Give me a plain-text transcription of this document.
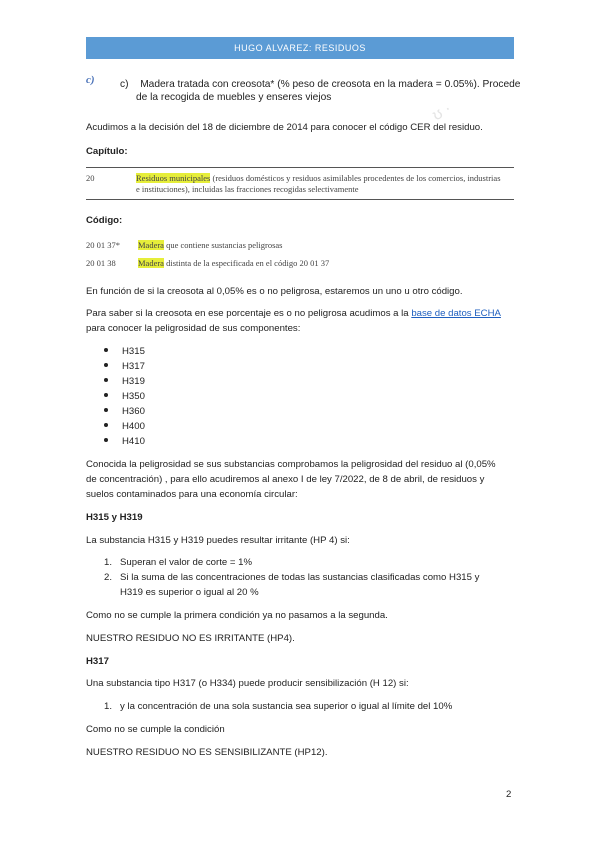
HUGO ALVAREZ: RESIDUOS
c) c) Madera tratada con creosota* (% peso de creosota en la madera = 0.05%). Procede
de la recogida de muebles y enseres viejos
ʊ ·
Acudimos a la decisión del 18 de diciembre de 2014 para conocer el código CER del residuo.
Capítulo:
20	Residuos municipales (residuos domésticos y residuos asimilables procedentes de los comercios, industrias
e instituciones), incluidas las fracciones recogidas selectivamente
Código:
20 01 37* Madera que contiene sustancias peligrosas
20 01 38	Madera distinta de la especificada en el código 20 01 37
En función de si la creosota al 0,05% es o no peligrosa, estaremos un uno u otro código.
Para saber si la creosota en ese porcentaje es o no peligrosa acudimos a la base de datos ECHA
para conocer la peligrosidad de sus componentes:
H315
H317
H319
H350
H360
H400
H410
Conocida la peligrosidad se sus substancias comprobamos la peligrosidad del residuo al (0,05%
de concentración) , para ello acudiremos al anexo I de ley 7/2022, de 8 de abril, de residuos y
suelos contaminados para una economía circular:
H315 y H319
La substancia H315 y H319 puedes resultar irritante (HP 4) si:
1. Superan el valor de corte = 1%
2. Si la suma de las concentraciones de todas las sustancias clasificadas como H315 y
H319 es superior o igual al 20 %
Como no se cumple la primera condición ya no pasamos a la segunda.
NUESTRO RESIDUO NO ES IRRITANTE (HP4).
H317
Una substancia tipo H317 (o H334) puede producir sensibilización (H 12) si:
1. y la concentración de una sola sustancia sea superior o igual al límite del 10%
Como no se cumple la condición
NUESTRO RESIDUO NO ES SENSIBILIZANTE (HP12).
2
